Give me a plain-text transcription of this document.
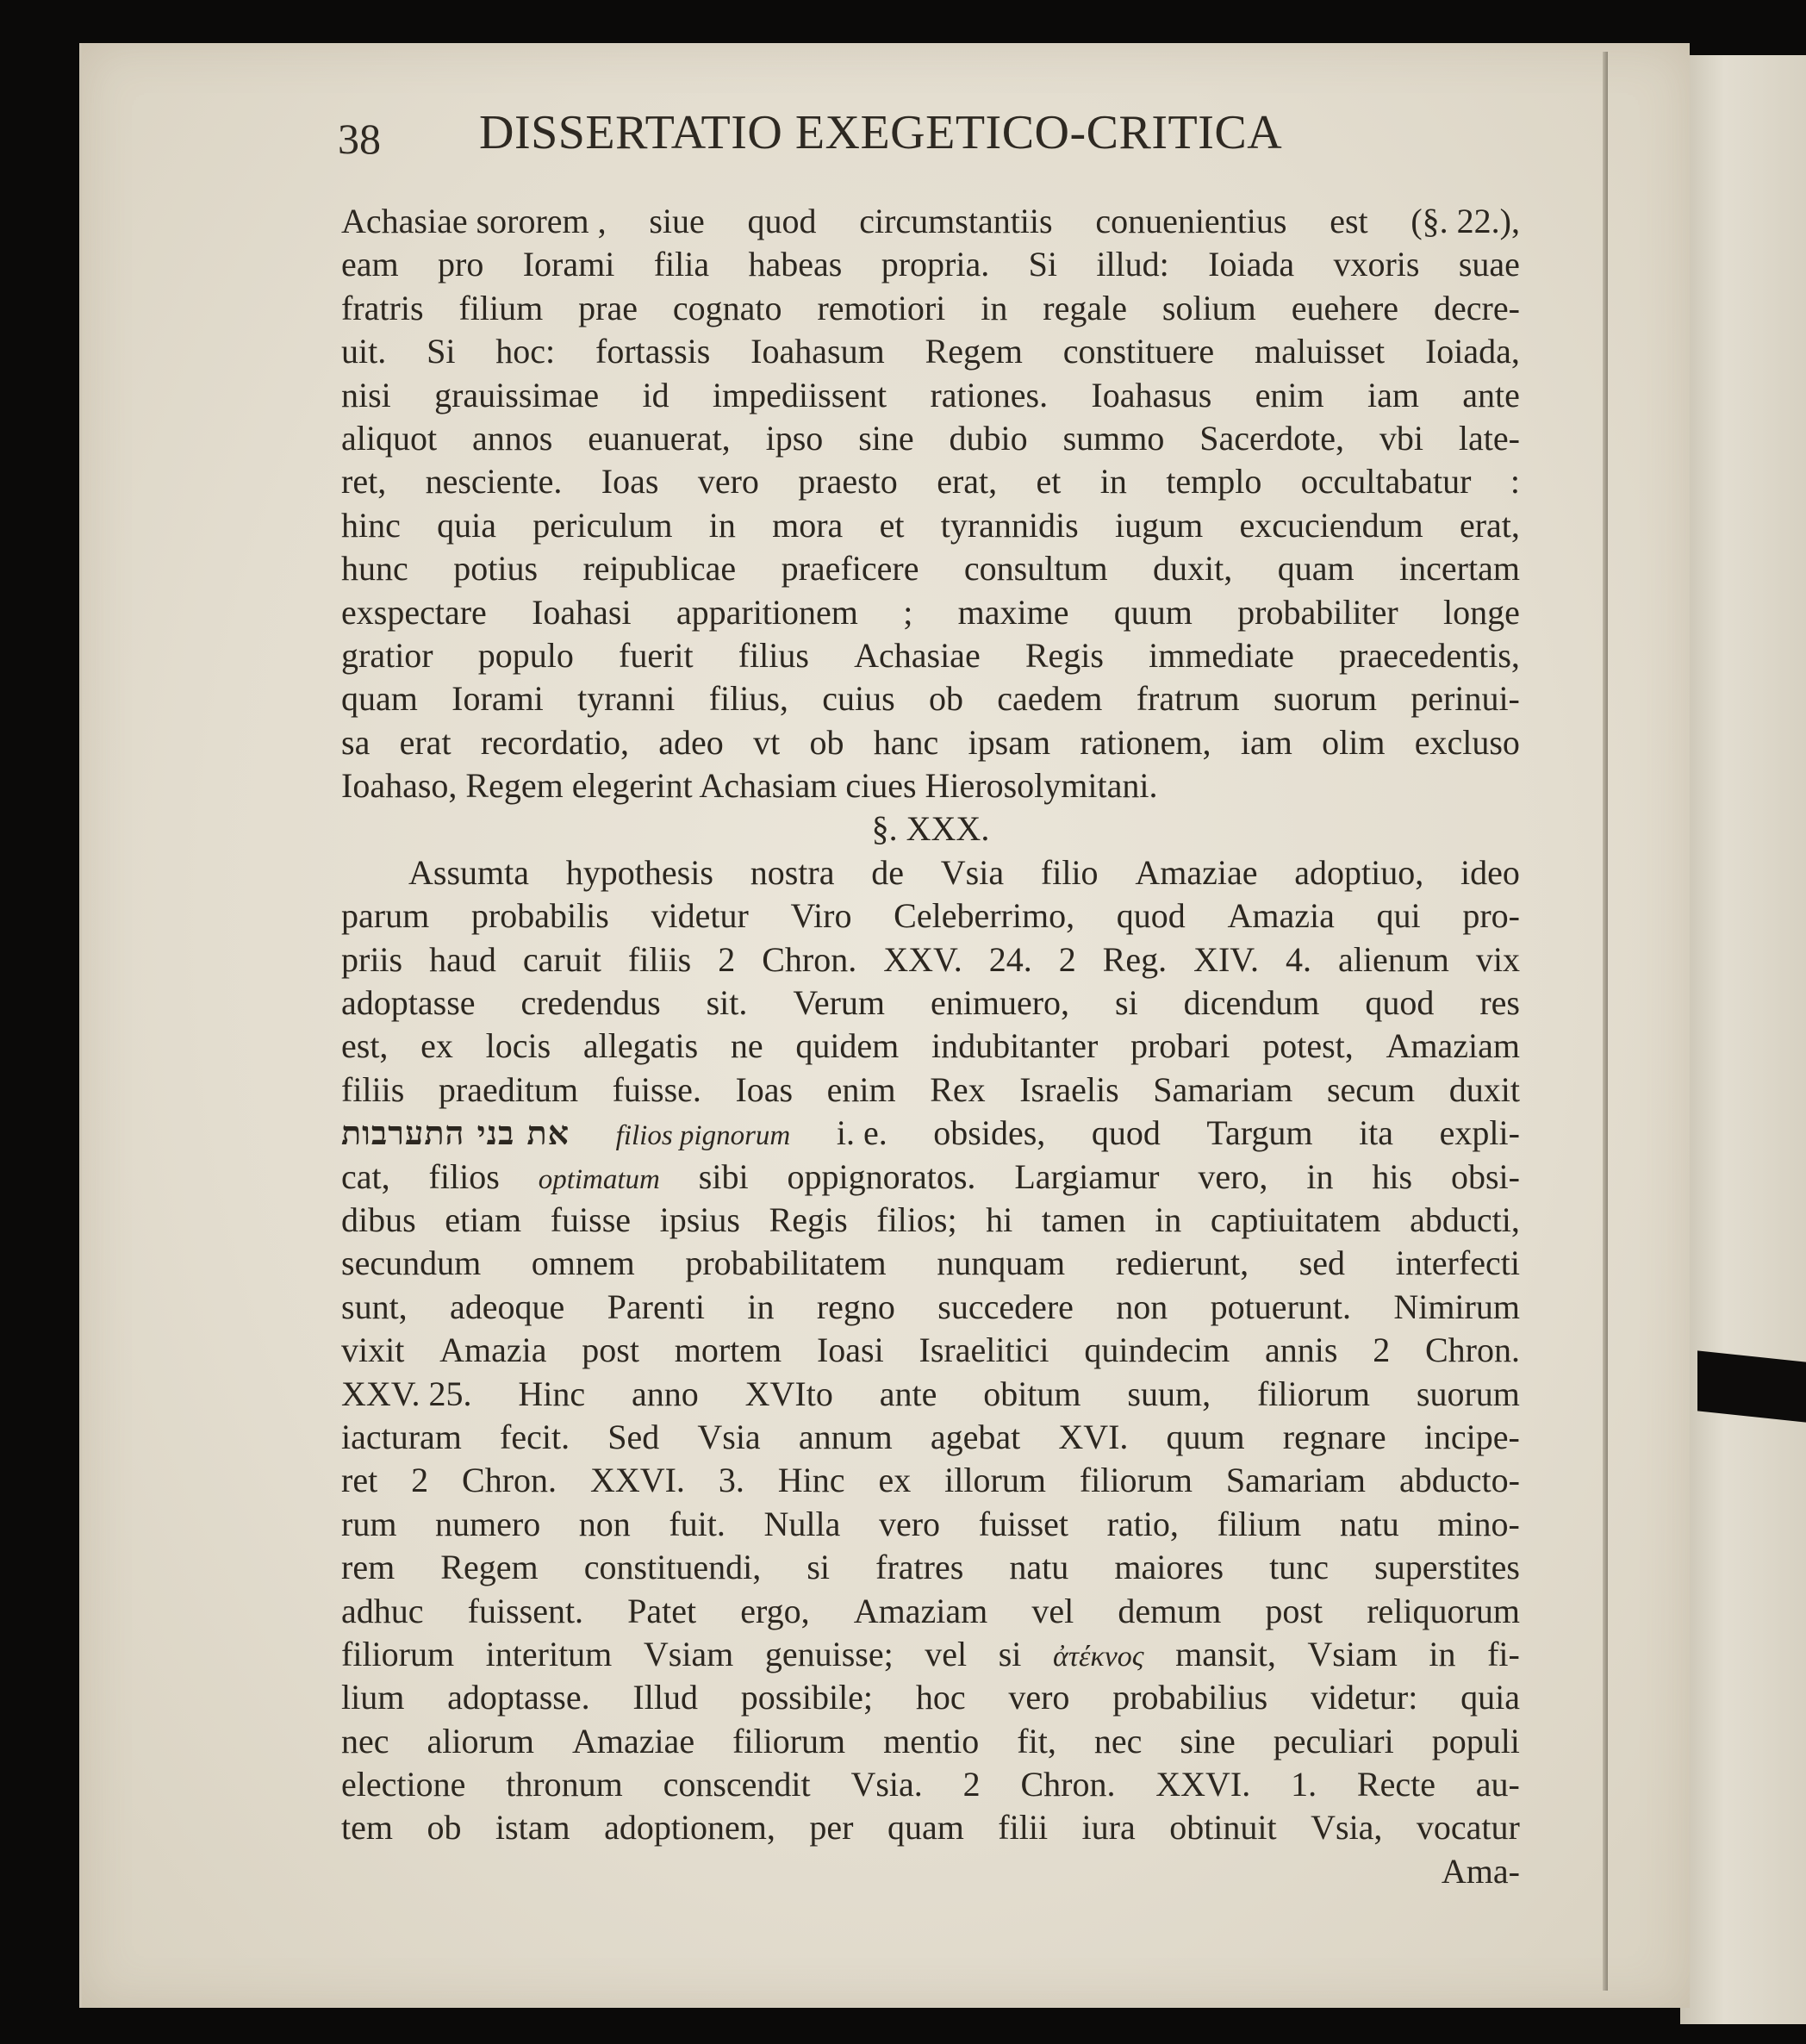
38 DISSERTATIO EXEGETICO-CRITICA
Achasiae sororem , siue quod circumstantiis conuenientius est (§. 22.),
eam pro Iorami filia habeas propria. Si illud: Ioiada vxoris suae
fratris filium prae cognato remotiori in regale solium euehere decre-
uit. Si hoc: fortassis Ioahasum Regem constituere maluisset Ioiada,
nisi grauissimae id impediissent rationes. Ioahasus enim iam ante
aliquot annos euanuerat, ipso sine dubio summo Sacerdote, vbi late-
ret, nesciente. Ioas vero praesto erat, et in templo occultabatur :
hinc quia periculum in mora et tyrannidis iugum excuciendum erat,
hunc potius reipublicae praeficere consultum duxit, quam incertam
exspectare Ioahasi apparitionem ; maxime quum probabiliter longe
gratior populo fuerit filius Achasiae Regis immediate praecedentis,
quam Iorami tyranni filius, cuius ob caedem fratrum suorum perinui-
sa erat recordatio, adeo vt ob hanc ipsam rationem, iam olim excluso
Ioahaso, Regem elegerint Achasiam ciues Hierosolymitani.
§. XXX.
Assumta hypothesis nostra de Vsia filio Amaziae adoptiuo, ideo
parum probabilis videtur Viro Celeberrimo, quod Amazia qui pro-
priis haud caruit filiis 2 Chron. XXV. 24. 2 Reg. XIV. 4. alienum vix
adoptasse credendus sit. Verum enimuero, si dicendum quod res
est, ex locis allegatis ne quidem indubitanter probari potest, Amaziam
filiis praeditum fuisse. Ioas enim Rex Israelis Samariam secum duxit
את בני התערבות filios pignorum i. e. obsides, quod Targum ita expli-
cat, filios optimatum sibi oppignoratos. Largiamur vero, in his obsi-
dibus etiam fuisse ipsius Regis filios; hi tamen in captiuitatem abducti,
secundum omnem probabilitatem nunquam redierunt, sed interfecti
sunt, adeoque Parenti in regno succedere non potuerunt. Nimirum
vixit Amazia post mortem Ioasi Israelitici quindecim annis 2 Chron.
XXV. 25. Hinc anno XVIto ante obitum suum, filiorum suorum
iacturam fecit. Sed Vsia annum agebat XVI. quum regnare incipe-
ret 2 Chron. XXVI. 3. Hinc ex illorum filiorum Samariam abducto-
rum numero non fuit. Nulla vero fuisset ratio, filium natu mino-
rem Regem constituendi, si fratres natu maiores tunc superstites
adhuc fuissent. Patet ergo, Amaziam vel demum post reliquorum
filiorum interitum Vsiam genuisse; vel si ἀτέκνος mansit, Vsiam in fi-
lium adoptasse. Illud possibile; hoc vero probabilius videtur: quia
nec aliorum Amaziae filiorum mentio fit, nec sine peculiari populi
electione thronum conscendit Vsia. 2 Chron. XXVI. 1. Recte au-
tem ob istam adoptionem, per quam filii iura obtinuit Vsia, vocatur
Ama-
